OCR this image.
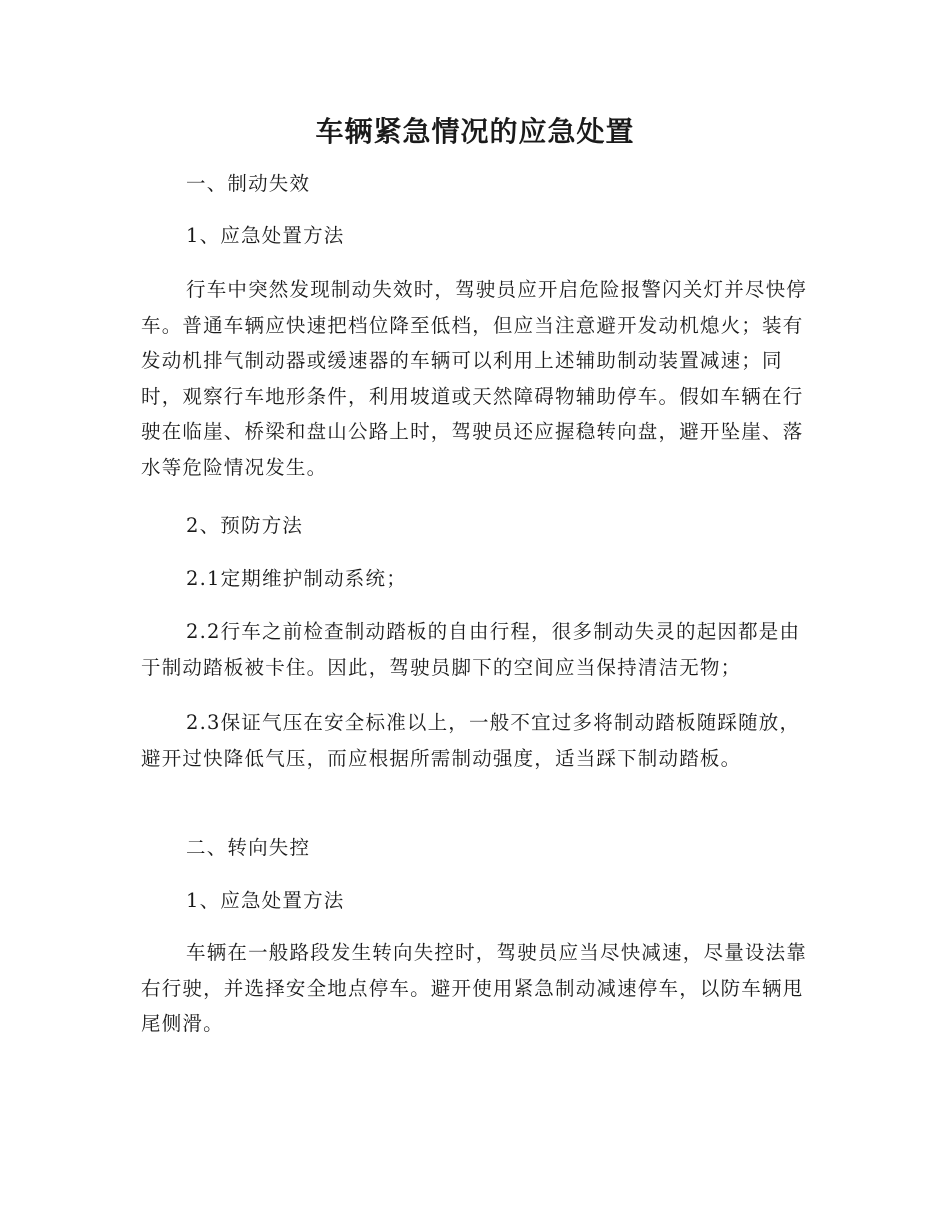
车辆紧急情况的应急处置

一、制动失效

1、应急处置方法

行车中突然发现制动失效时，驾驶员应开启危险报警闪关灯并尽快停车。普通车辆应快速把档位降至低档，但应当注意避开发动机熄火；装有发动机排气制动器或缓速器的车辆可以利用上述辅助制动装置减速；同时，观察行车地形条件，利用坡道或天然障碍物辅助停车。假如车辆在行驶在临崖、桥梁和盘山公路上时，驾驶员还应握稳转向盘，避开坠崖、落水等危险情况发生。

2、预防方法

2.1定期维护制动系统；

2.2行车之前检查制动踏板的自由行程，很多制动失灵的起因都是由于制动踏板被卡住。因此，驾驶员脚下的空间应当保持清洁无物；

2.3保证气压在安全标准以上，一般不宜过多将制动踏板随踩随放，避开过快降低气压，而应根据所需制动强度，适当踩下制动踏板。

二、转向失控

1、应急处置方法

车辆在一般路段发生转向失控时，驾驶员应当尽快减速，尽量设法靠右行驶，并选择安全地点停车。避开使用紧急制动减速停车，以防车辆甩尾侧滑。
